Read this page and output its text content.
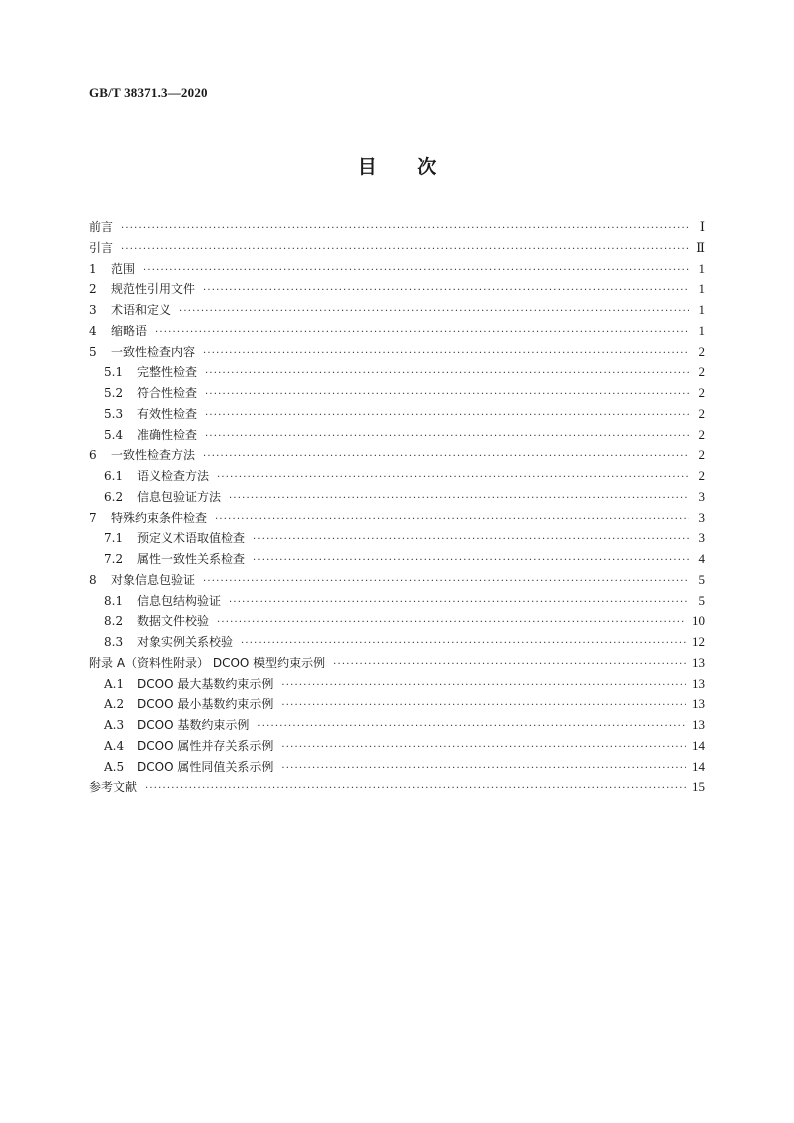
GB/T 38371.3—2020
目 次
前言 ·····	Ⅰ
引言 ·····	Ⅱ
1	范围 ·····	1
2	规范性引用文件 ·····	1
3	术语和定义 ·····	1
4	缩略语 ·····	1
5	一致性检查内容 ·····	2
5.1	完整性检查 ·····	2
5.2	符合性检查 ·····	2
5.3	有效性检查 ·····	2
5.4	准确性检查 ·····	2
6	一致性检查方法 ·····	2
6.1	语义检查方法 ·····	2
6.2	信息包验证方法 ·····	3
7	特殊约束条件检查 ·····	3
7.1	预定义术语取值检查 ·····	3
7.2	属性一致性关系检查 ·····	4
8	对象信息包验证 ·····	5
8.1	信息包结构验证 ·····	5
8.2	数据文件校验 ·····	10
8.3	对象实例关系校验 ·····	12
附录 A（资料性附录） DCOO 模型约束示例 ·····	13
A.1	DCOO 最大基数约束示例 ·····	13
A.2	DCOO 最小基数约束示例 ·····	13
A.3	DCOO 基数约束示例 ·····	13
A.4	DCOO 属性并存关系示例 ·····	14
A.5	DCOO 属性同值关系示例 ·····	14
参考文献 ·····	15
